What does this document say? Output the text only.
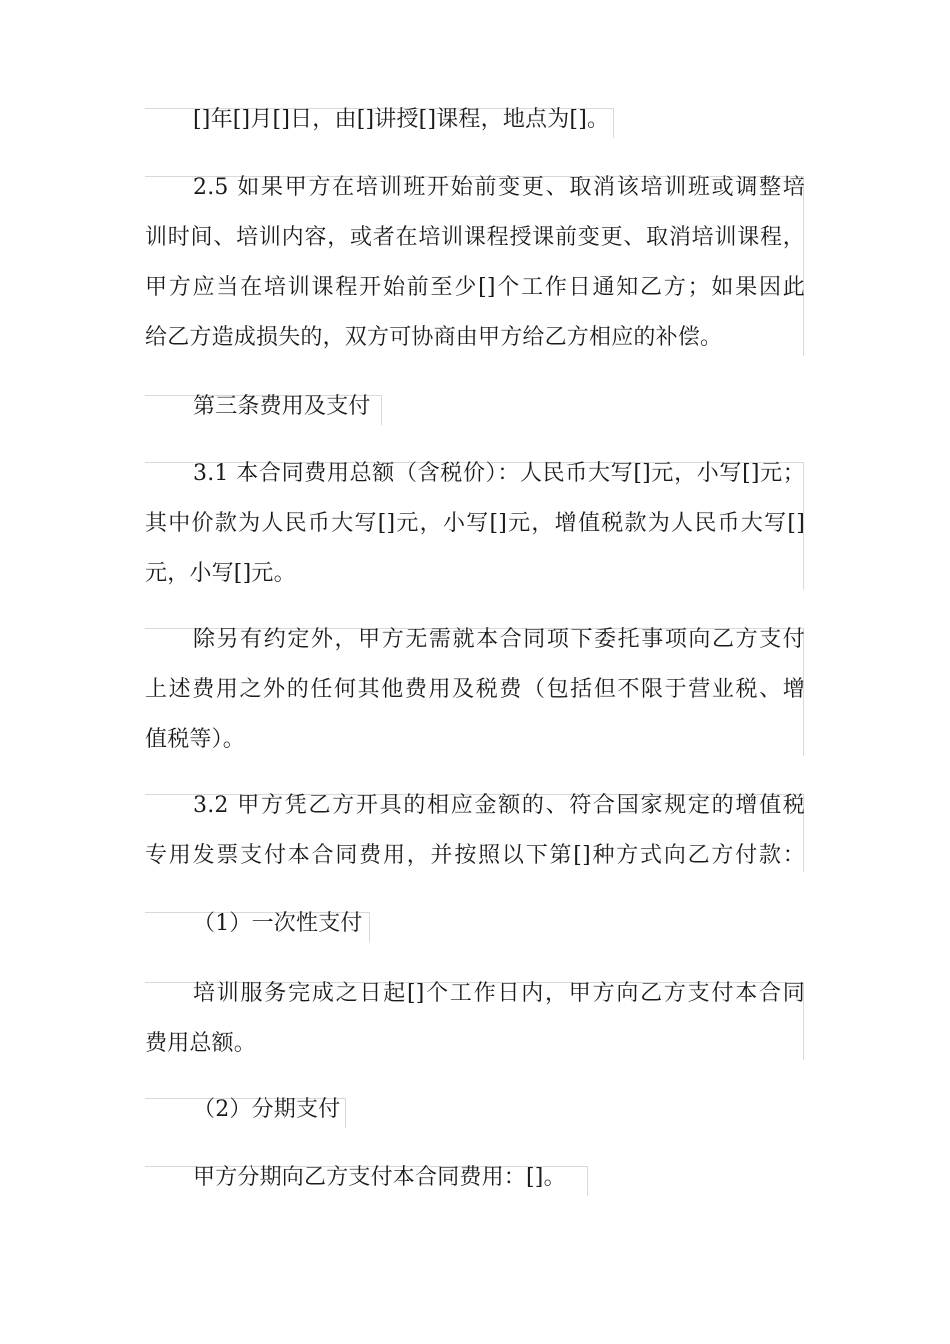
[]年[]月[]日，由[]讲授[]课程，地点为[]。
2.5 如果甲方在培训班开始前变更、取消该培训班或调整培
训时间、培训内容，或者在培训课程授课前变更、取消培训课程，
甲方应当在培训课程开始前至少[]个工作日通知乙方；如果因此
给乙方造成损失的，双方可协商由甲方给乙方相应的补偿。
第三条费用及支付
3.1 本合同费用总额（含税价）：人民币大写[]元，小写[]元；
其中价款为人民币大写[]元，小写[]元，增值税款为人民币大写[]
元，小写[]元。
除另有约定外，甲方无需就本合同项下委托事项向乙方支付
上述费用之外的任何其他费用及税费（包括但不限于营业税、增
值税等）。
3.2 甲方凭乙方开具的相应金额的、符合国家规定的增值税
专用发票支付本合同费用，并按照以下第[]种方式向乙方付款：
（1）一次性支付
培训服务完成之日起[]个工作日内，甲方向乙方支付本合同
费用总额。
（2）分期支付
甲方分期向乙方支付本合同费用：[]。
